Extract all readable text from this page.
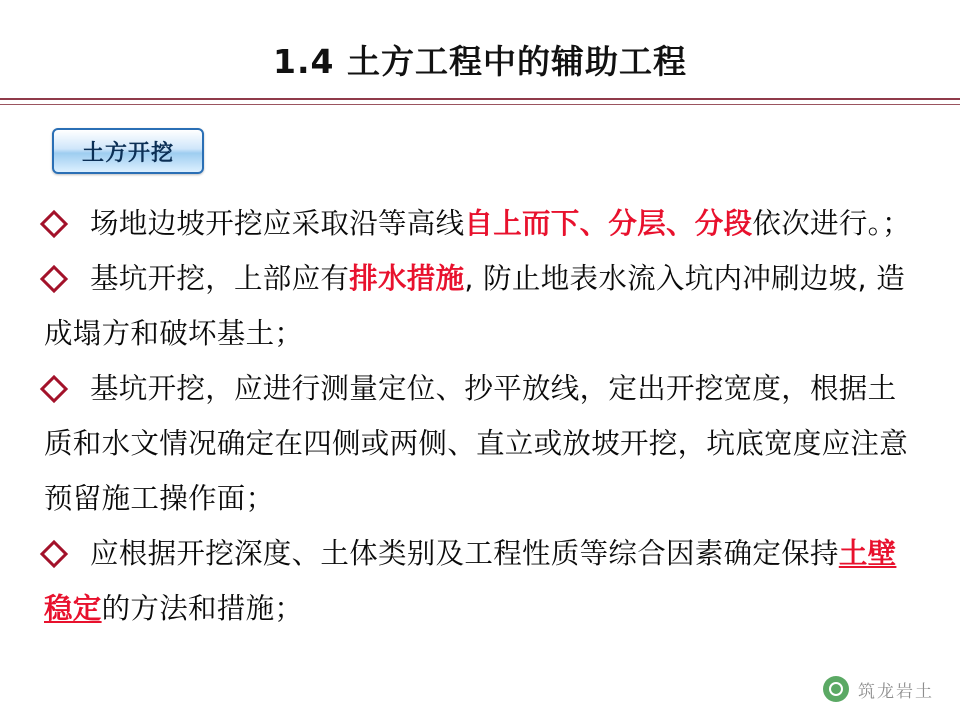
1.4 土方工程中的辅助工程
土方开挖

场地边坡开挖应采取沿等高线自上而下、分层、分段依次进行。；

基坑开挖，上部应有排水措施, 防止地表水流入坑内冲刷边坡, 造成塌方和破坏基土；

基坑开挖，应进行测量定位、抄平放线，定出开挖宽度，根据土质和水文情况确定在四侧或两侧、直立或放坡开挖，坑底宽度应注意预留施工操作面；

应根据开挖深度、土体类别及工程性质等综合因素确定保持土壁稳定的方法和措施；

筑龙岩土
